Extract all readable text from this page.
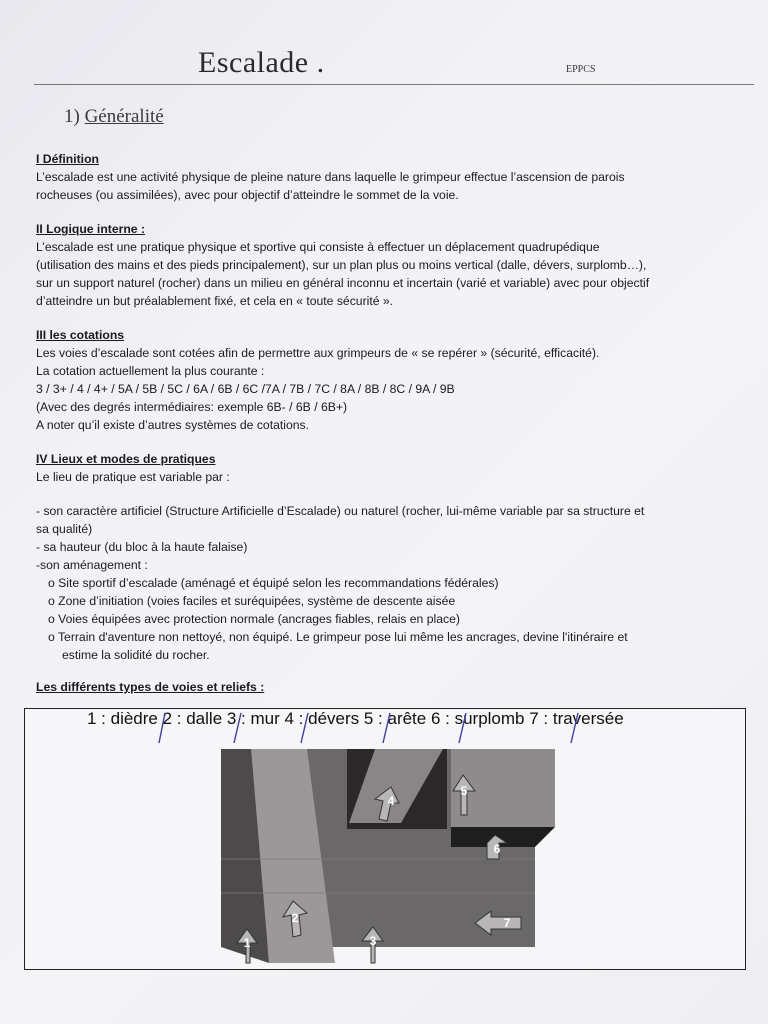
Escalade .	EPPCS
1) Généralité
I Définition
L’escalade est une activité physique de pleine nature dans laquelle le grimpeur effectue l’ascension de parois
rocheuses (ou assimilées), avec pour objectif d’atteindre le sommet de la voie.
II Logique interne :
L’escalade est une pratique physique et sportive qui consiste à effectuer un déplacement quadrupédique
(utilisation des mains et des pieds principalement), sur un plan plus ou moins vertical (dalle, dévers, surplomb…),
sur un support naturel (rocher) dans un milieu en général inconnu et incertain (varié et variable) avec pour objectif
d’atteindre un but préalablement fixé, et cela en « toute sécurité ».
III les cotations
Les voies d’escalade sont cotées afin de permettre aux grimpeurs de « se repérer » (sécurité, efficacité).
La cotation actuellement la plus courante :
3 / 3+ / 4 / 4+ / 5A / 5B / 5C / 6A / 6B / 6C /7A / 7B / 7C / 8A / 8B / 8C / 9A / 9B
(Avec des degrés intermédiaires: exemple 6B- / 6B / 6B+)
A noter qu’il existe d’autres systèmes de cotations.
IV Lieux et modes de pratiques
Le lieu de pratique est variable par :
- son caractère artificiel (Structure Artificielle d’Escalade) ou naturel (rocher, lui-même variable par sa structure et
sa qualité)
- sa hauteur (du bloc à la haute falaise)
-son aménagement :
o Site sportif d’escalade (aménagé et équipé selon les recommandations fédérales)
o Zone d’initiation (voies faciles et suréquipées, système de descente aisée
o Voies équipées avec protection normale (ancrages fiables, relais en place)
o Terrain d'aventure non nettoyé, non équipé. Le grimpeur pose lui même les ancrages, devine l'itinéraire et
estime la solidité du rocher.
Les différents types de voies et reliefs :
1 : dièdre 2 : dalle 3 : mur 4 : dévers 5 : arête 6 : surplomb 7 : traversée
1
2
3
4
5
6
7
